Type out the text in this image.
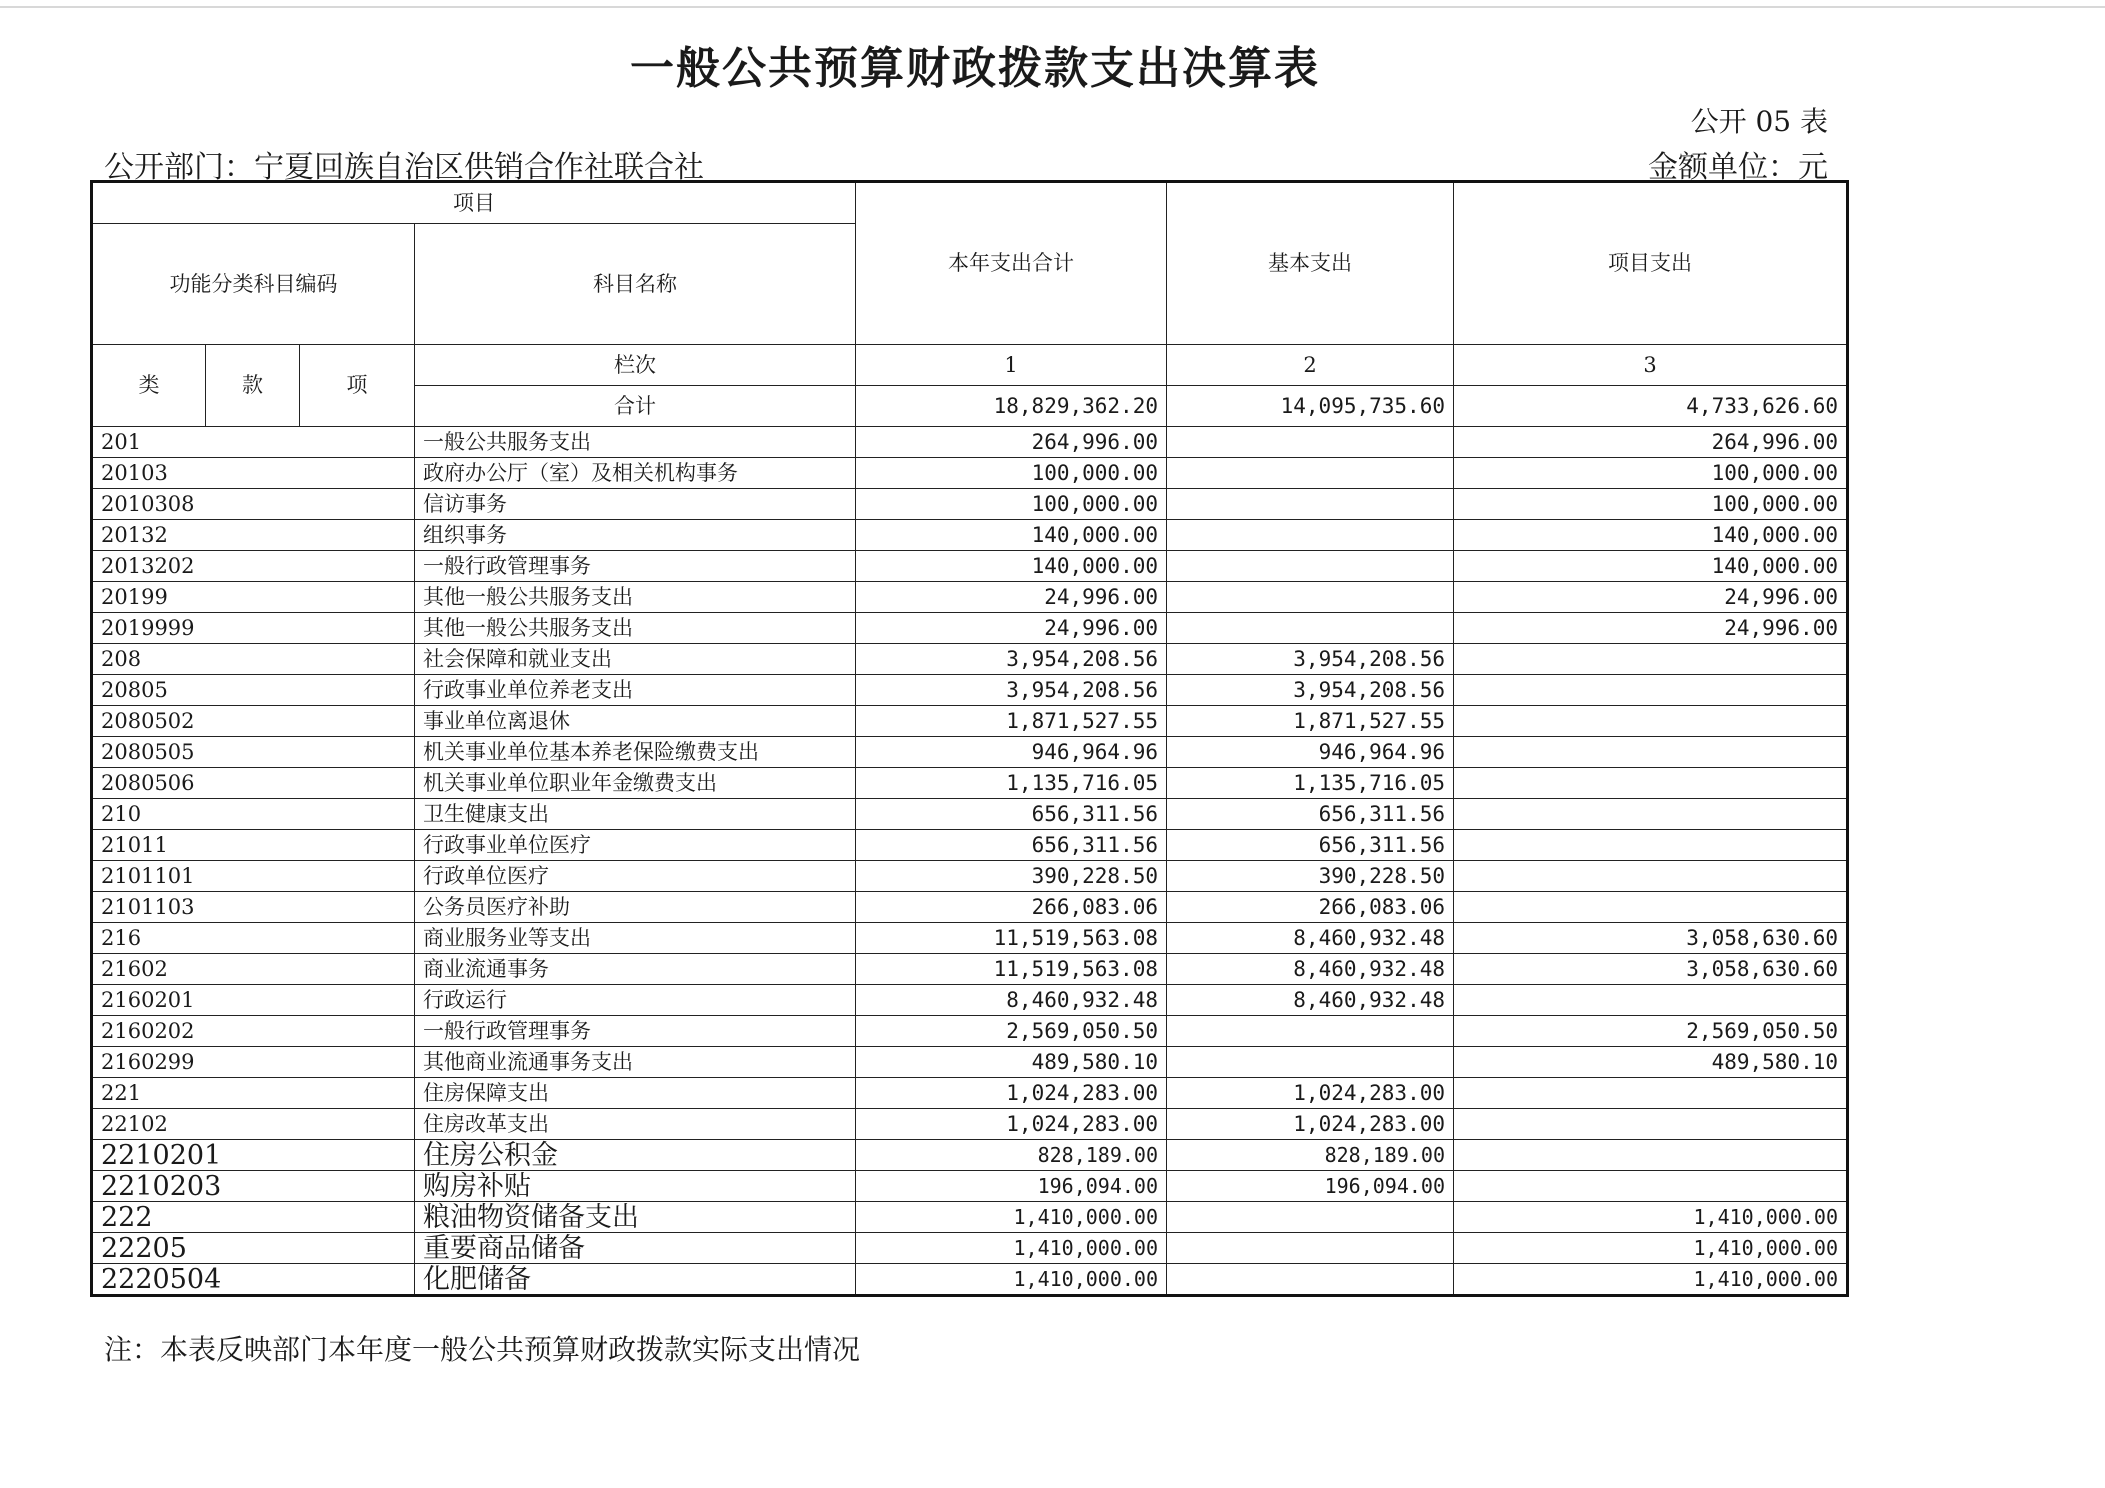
一般公共预算财政拨款支出决算表
公开 05 表
公开部门：宁夏回族自治区供销合作社联合社	金额单位：元
项目				本年支出合计	基本支出	项目支出
功能分类科目编码			科目名称			
类	款	项	栏次	1	2	3
			合计	18,829,362.20	14,095,735.60	4,733,626.60
201			一般公共服务支出	264,996.00		264,996.00
20103			政府办公厅（室）及相关机构事务	100,000.00		100,000.00
2010308			信访事务	100,000.00		100,000.00
20132			组织事务	140,000.00		140,000.00
2013202			一般行政管理事务	140,000.00		140,000.00
20199			其他一般公共服务支出	24,996.00		24,996.00
2019999			其他一般公共服务支出	24,996.00		24,996.00
208			社会保障和就业支出	3,954,208.56	3,954,208.56	
20805			行政事业单位养老支出	3,954,208.56	3,954,208.56	
2080502			事业单位离退休	1,871,527.55	1,871,527.55	
2080505			机关事业单位基本养老保险缴费支出	946,964.96	946,964.96	
2080506			机关事业单位职业年金缴费支出	1,135,716.05	1,135,716.05	
210			卫生健康支出	656,311.56	656,311.56	
21011			行政事业单位医疗	656,311.56	656,311.56	
2101101			行政单位医疗	390,228.50	390,228.50	
2101103			公务员医疗补助	266,083.06	266,083.06	
216			商业服务业等支出	11,519,563.08	8,460,932.48	3,058,630.60
21602			商业流通事务	11,519,563.08	8,460,932.48	3,058,630.60
2160201			行政运行	8,460,932.48	8,460,932.48	
2160202			一般行政管理事务	2,569,050.50		2,569,050.50
2160299			其他商业流通事务支出	489,580.10		489,580.10
221			住房保障支出	1,024,283.00	1,024,283.00	
22102			住房改革支出	1,024,283.00	1,024,283.00	
2210201			住房公积金	828,189.00	828,189.00	
2210203			购房补贴	196,094.00	196,094.00	
222			粮油物资储备支出	1,410,000.00		1,410,000.00
22205			重要商品储备	1,410,000.00		1,410,000.00
2220504			化肥储备	1,410,000.00		1,410,000.00
注：本表反映部门本年度一般公共预算财政拨款实际支出情况
